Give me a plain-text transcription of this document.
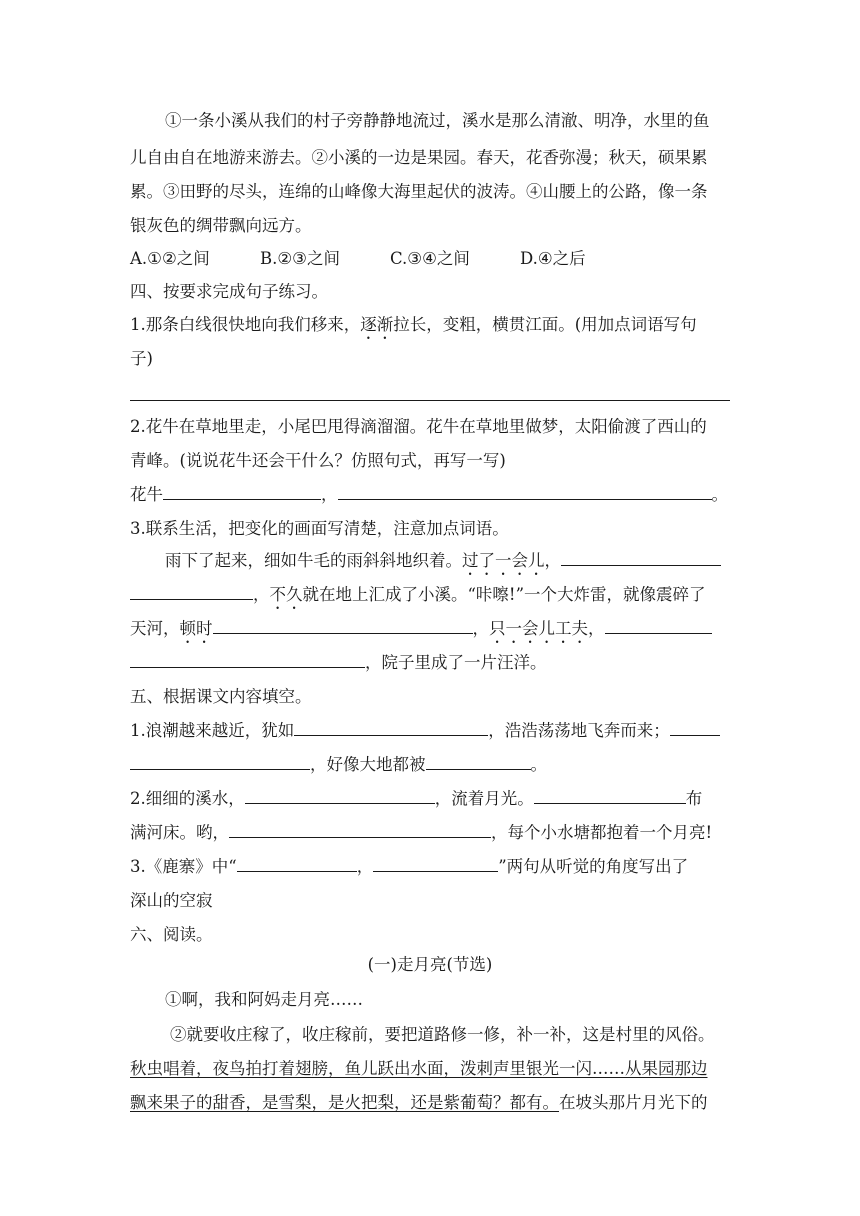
①一条小溪从我们的村子旁静静地流过，溪水是那么清澈、明净，水里的鱼
儿自由自在地游来游去。②小溪的一边是果园。春天，花香弥漫；秋天，硕果累
累。③田野的尽头，连绵的山峰像大海里起伏的波涛。④山腰上的公路，像一条
银灰色的绸带飘向远方。
A.①②之间	B.②③之间	C.③④之间	D.④之后
四、按要求完成句子练习。
1.那条白线很快地向我们移来，逐渐拉长，变粗，横贯江面。(用加点词语写句
子)
2.花牛在草地里走，小尾巴甩得滴溜溜。花牛在草地里做梦，太阳偷渡了西山的
青峰。(说说花牛还会干什么？仿照句式，再写一写)
花牛	，	。
3.联系生活，把变化的画面写清楚，注意加点词语。
雨下了起来，细如牛毛的雨斜斜地织着。过了一会儿，
，不久就在地上汇成了小溪。“咔嚓!”一个大炸雷，就像震碎了
天河，顿时	，只一会儿工夫，
，院子里成了一片汪洋。
五、根据课文内容填空。
1.浪潮越来越近，犹如	，浩浩荡荡地飞奔而来；
，好像大地都被	。
2.细细的溪水，	，流着月光。	布
满河床。哟，	，每个小水塘都抱着一个月亮!
3.《鹿寨》中“	，	”两句从听觉的角度写出了
深山的空寂
六、阅读。
(一)走月亮(节选)
①啊，我和阿妈走月亮……
②就要收庄稼了，收庄稼前，要把道路修一修，补一补，这是村里的风俗。
秋虫唱着，夜鸟拍打着翅膀，鱼儿跃出水面，泼刺声里银光一闪……从果园那边
飘来果子的甜香，是雪梨，是火把梨，还是紫葡萄？都有。在坡头那片月光下的
